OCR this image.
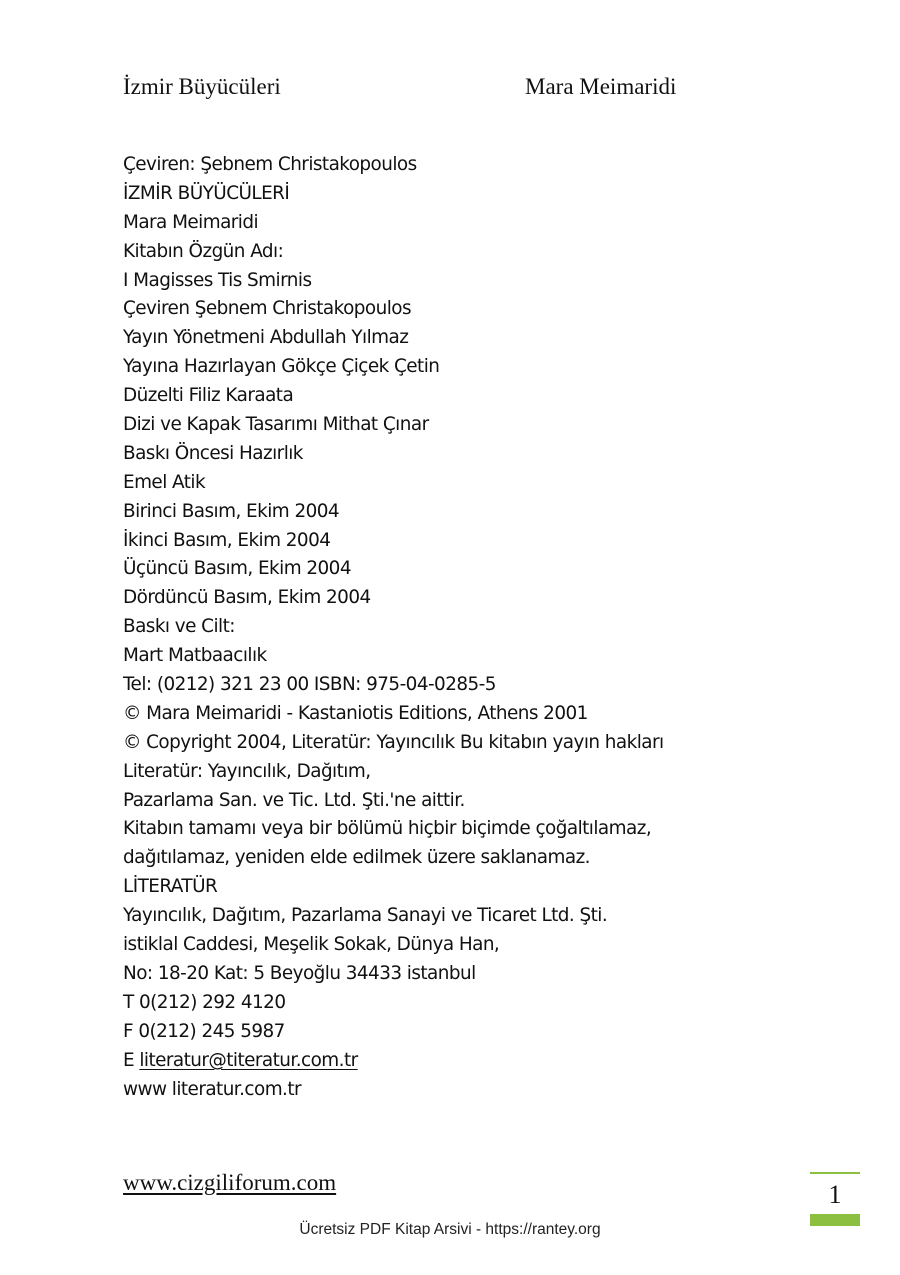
İzmir Büyücüleri	Mara Meimaridi
Çeviren: Şebnem Christakopoulos
İZMİR BÜYÜCÜLERİ
Mara Meimaridi
Kitabın Özgün Adı:
I Magisses Tis Smirnis
Çeviren Şebnem Christakopoulos
Yayın Yönetmeni Abdullah Yılmaz
Yayına Hazırlayan Gökçe Çiçek Çetin
Düzelti Filiz Karaata
Dizi ve Kapak Tasarımı Mithat Çınar
Baskı Öncesi Hazırlık
Emel Atik
Birinci Basım, Ekim 2004
İkinci Basım, Ekim 2004
Üçüncü Basım, Ekim 2004
Dördüncü Basım, Ekim 2004
Baskı ve Cilt:
Mart Matbaacılık
Tel: (0212) 321 23 00 ISBN: 975-04-0285-5
© Mara Meimaridi - Kastaniotis Editions, Athens 2001
© Copyright 2004, Literatür: Yayıncılık Bu kitabın yayın hakları
Literatür: Yayıncılık, Dağıtım,
Pazarlama San. ve Tic. Ltd. Şti.'ne aittir.
Kitabın tamamı veya bir bölümü hiçbir biçimde çoğaltılamaz,
dağıtılamaz, yeniden elde edilmek üzere saklanamaz.
LİTERATÜR
Yayıncılık, Dağıtım, Pazarlama Sanayi ve Ticaret Ltd. Şti.
istiklal Caddesi, Meşelik Sokak, Dünya Han,
No: 18-20 Kat: 5 Beyoğlu 34433 istanbul
T 0(212) 292 4120
F 0(212) 245 5987
E literatur@titeratur.com.tr
www literatur.com.tr
www.cizgiliforum.com	1
Ücretsiz PDF Kitap Arsivi - https://rantey.org
